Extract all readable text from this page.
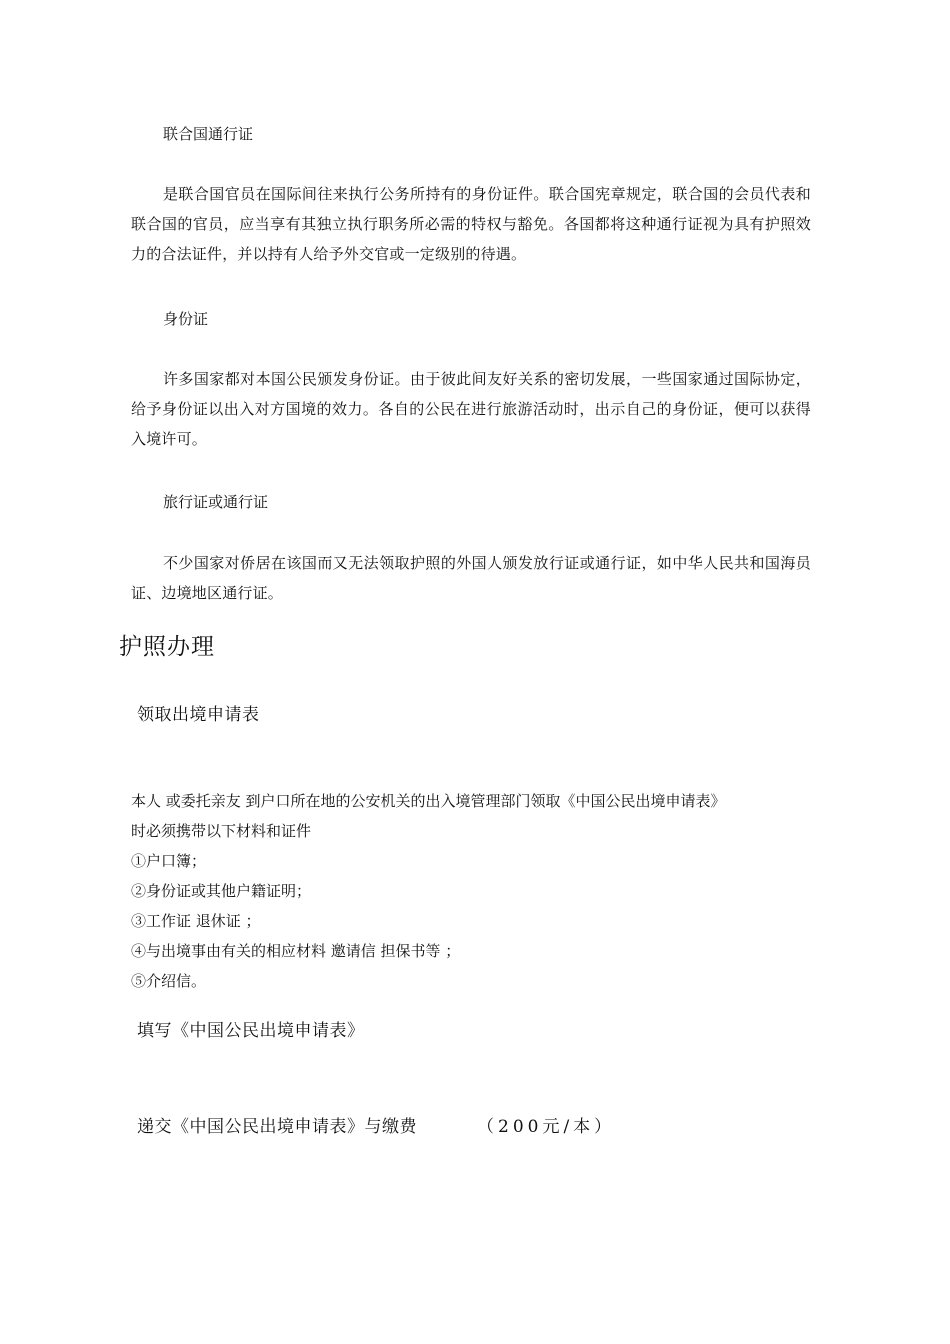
联合国通行证

是联合国官员在国际间往来执行公务所持有的身份证件。联合国宪章规定，联合国的会员代表和联合国的官员，应当享有其独立执行职务所必需的特权与豁免。各国都将这种通行证视为具有护照效力的合法证件，并以持有人给予外交官或一定级别的待遇。

身份证

许多国家都对本国公民颁发身份证。由于彼此间友好关系的密切发展，一些国家通过国际协定，给予身份证以出入对方国境的效力。各自的公民在进行旅游活动时，出示自己的身份证，便可以获得入境许可。

旅行证或通行证

不少国家对侨居在该国而又无法领取护照的外国人颁发放行证或通行证，如中华人民共和国海员证、边境地区通行证。

护照办理
领取出境申请表
本人 或委托亲友 到户口所在地的公安机关的出入境管理部门领取《中国公民出境申请表》
时必须携带以下材料和证件
①户口簿；
②身份证或其他户籍证明；
③工作证 退休证 ；
④与出境事由有关的相应材料 邀请信 担保书等 ；
⑤介绍信。
填写《中国公民出境申请表》
递交《中国公民出境申请表》与缴费	（200元/本）
